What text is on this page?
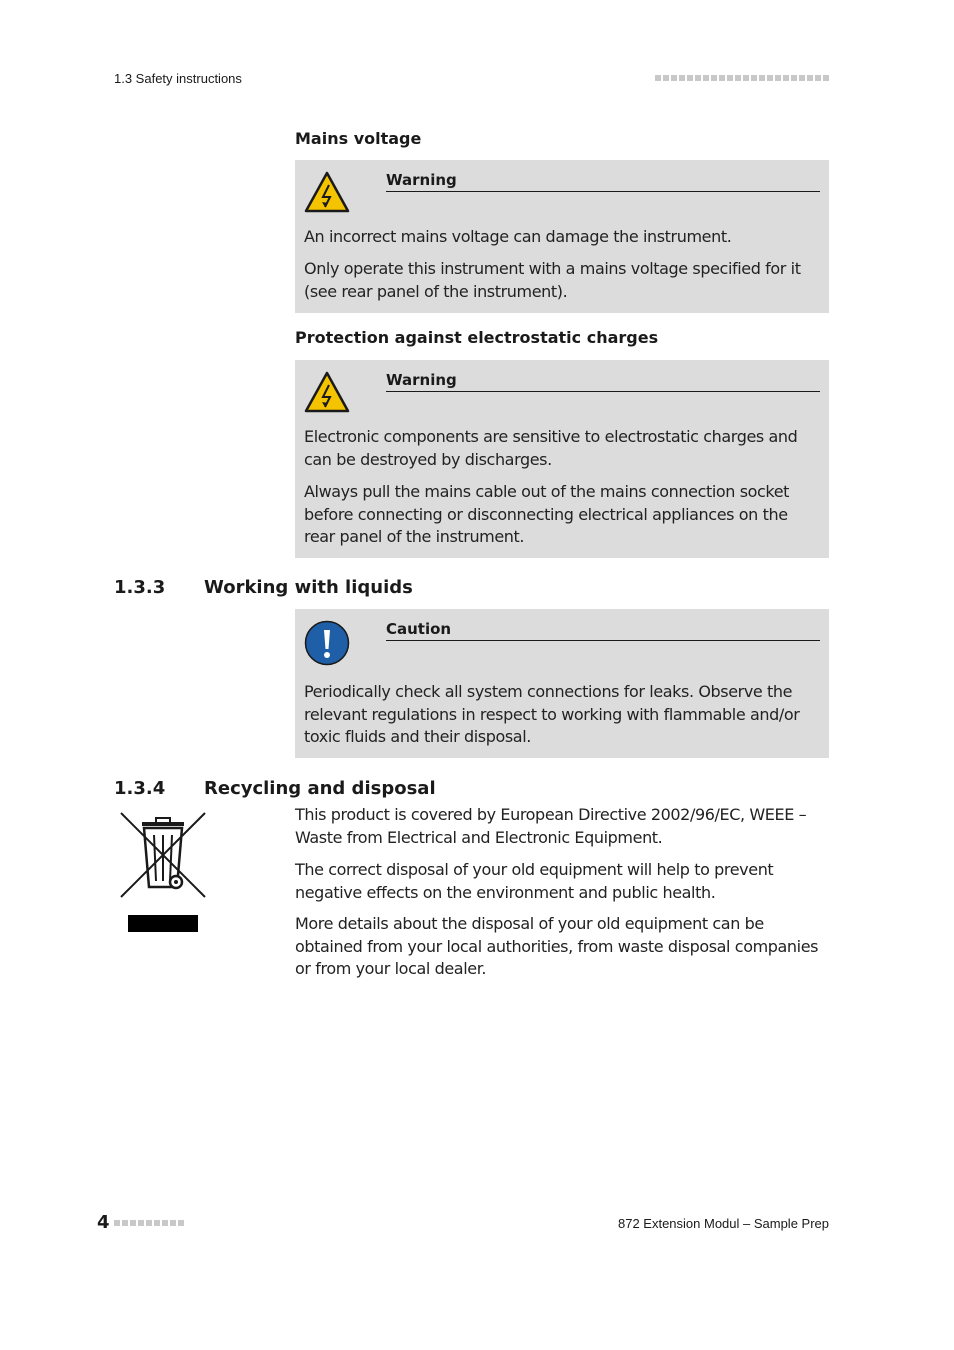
1.3 Safety instructions
Mains voltage
Warning

An incorrect mains voltage can damage the instrument.

Only operate this instrument with a mains voltage specified for it (see rear panel of the instrument).

Protection against electrostatic charges
Warning

Electronic components are sensitive to electrostatic charges and can be destroyed by discharges.

Always pull the mains cable out of the mains connection socket before connecting or disconnecting electrical appliances on the rear panel of the instrument.

1.3.3 Working with liquids
Caution

Periodically check all system connections for leaks. Observe the relevant regulations in respect to working with flammable and/or toxic fluids and their disposal.

1.3.4 Recycling and disposal

This product is covered by European Directive 2002/96/EC, WEEE – Waste from Electrical and Electronic Equipment.

The correct disposal of your old equipment will help to prevent negative effects on the environment and public health.

More details about the disposal of your old equipment can be obtained from your local authorities, from waste disposal companies or from your local dealer.

4	872 Extension Modul – Sample Prep
